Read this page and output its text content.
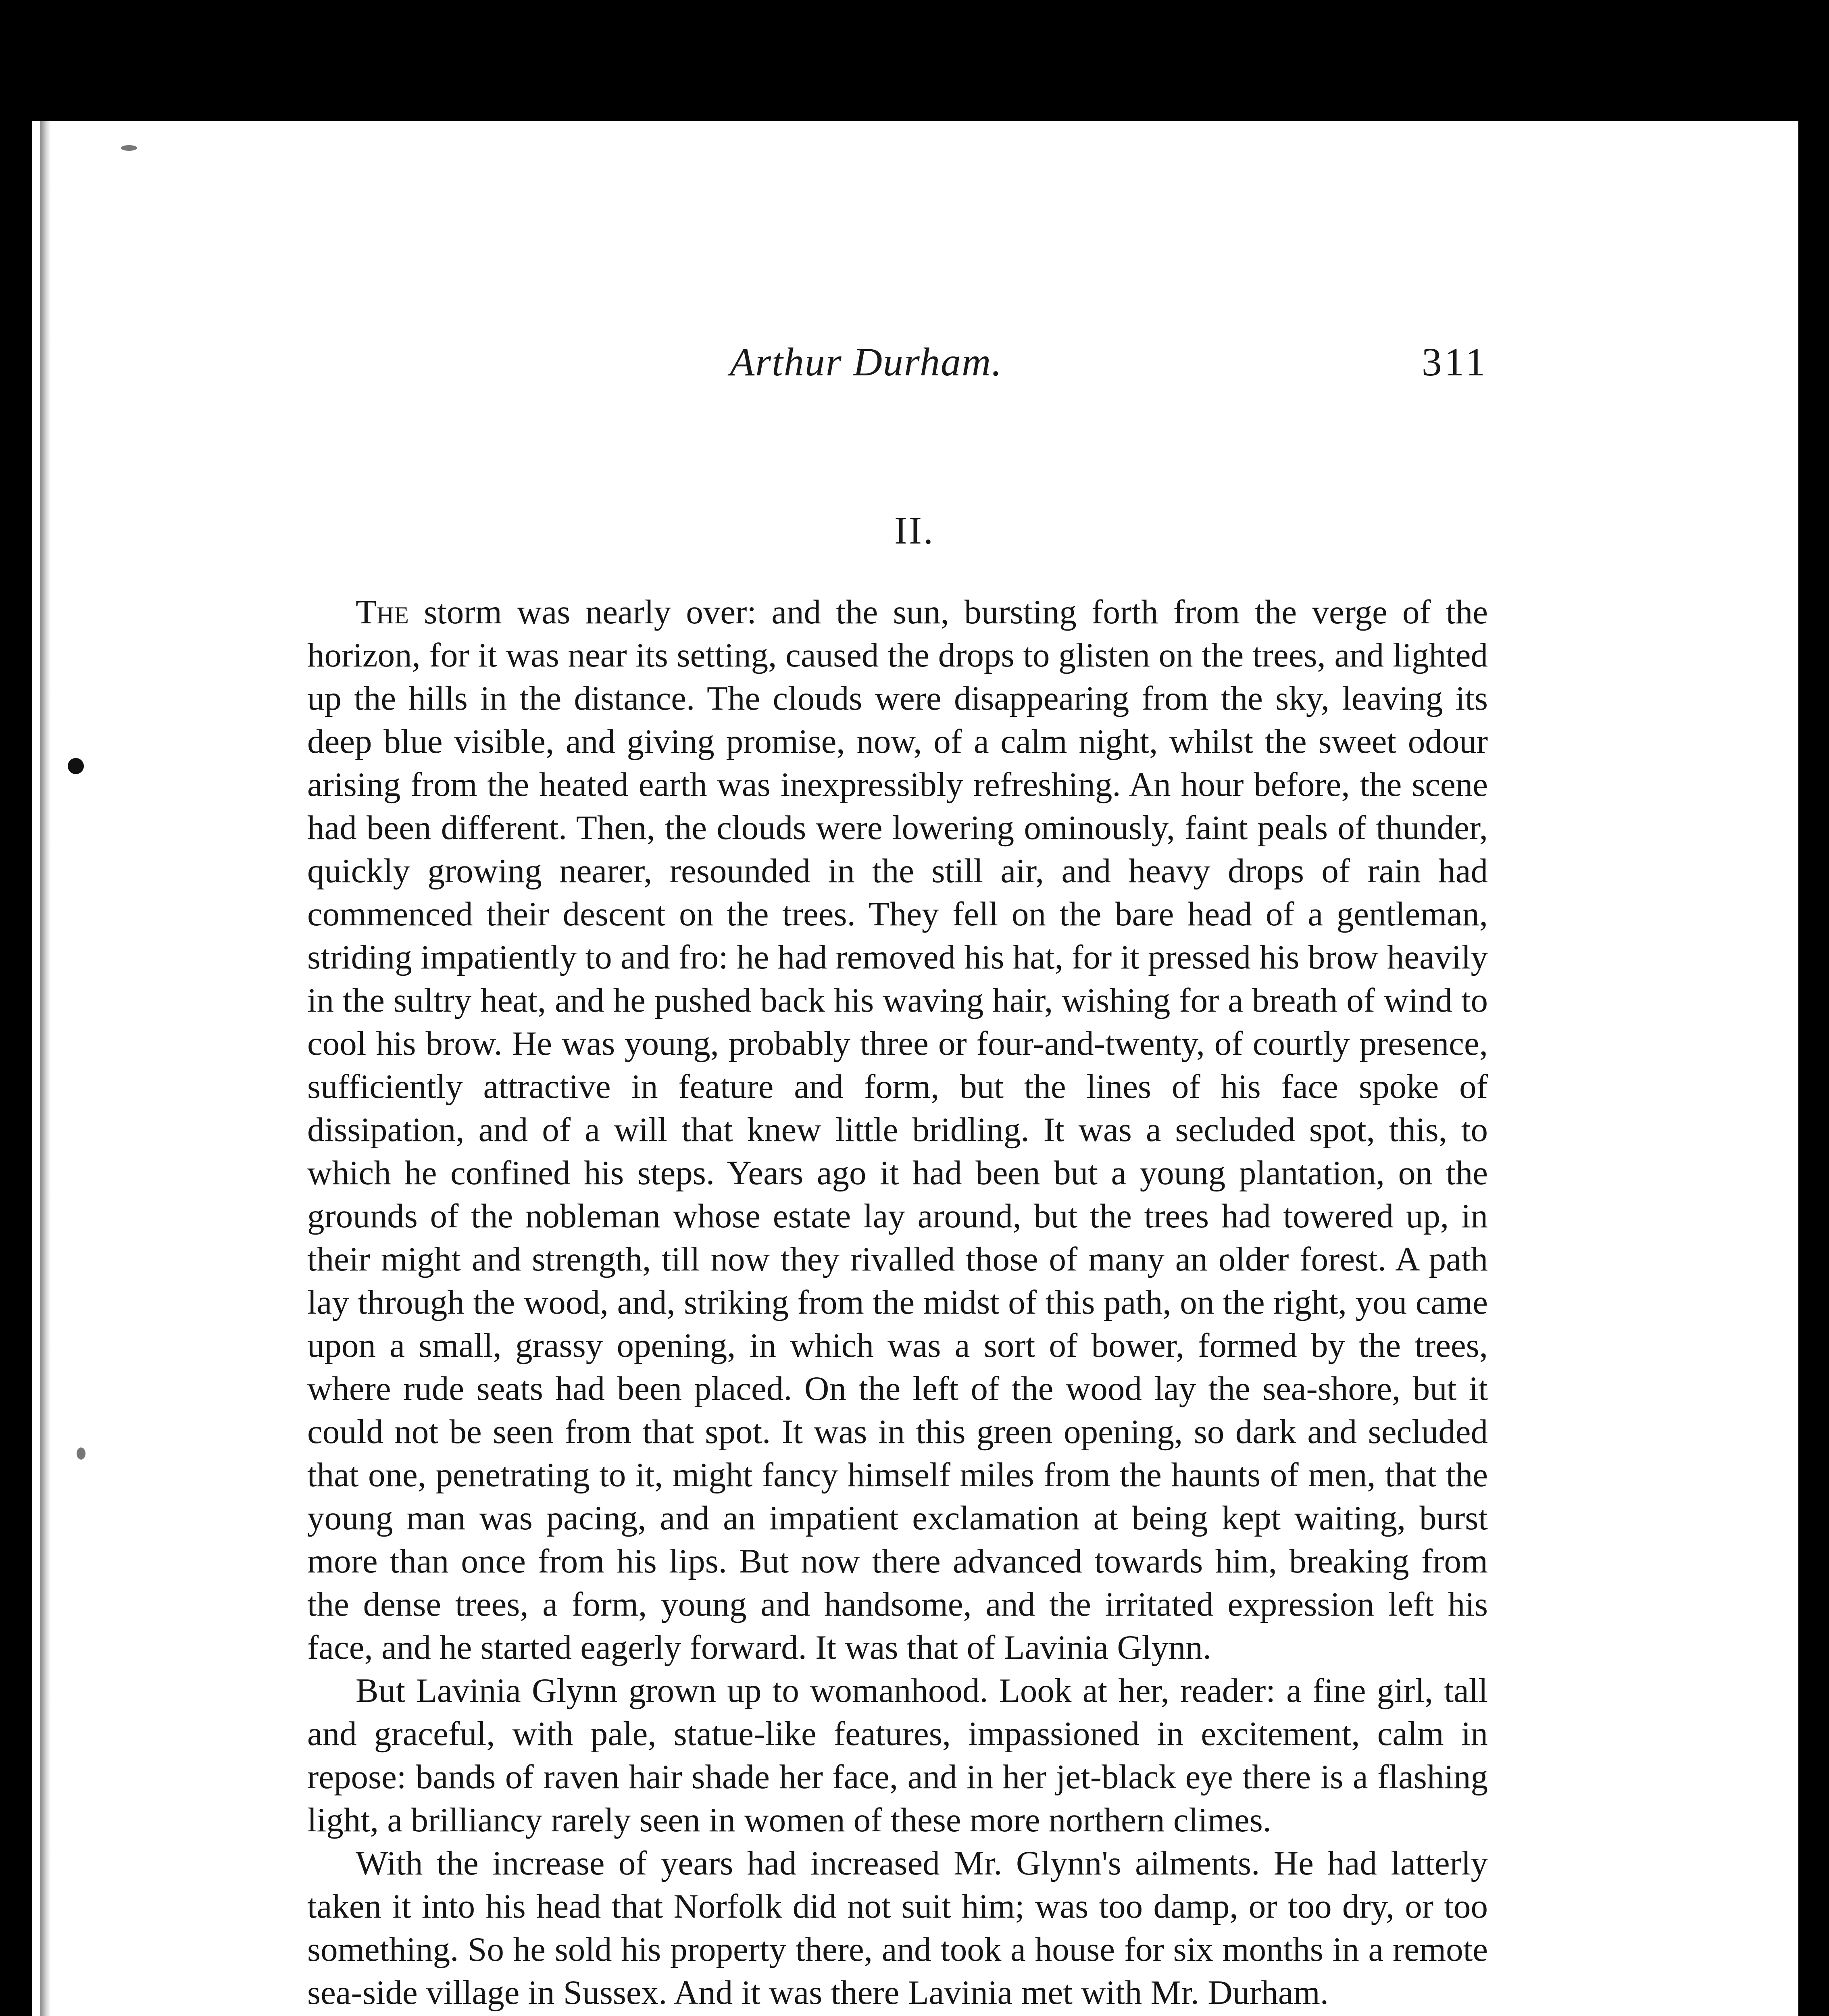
Arthur Durham.	311
II.

The storm was nearly over: and the sun, bursting forth from the verge of the horizon, for it was near its setting, caused the drops to glisten on the trees, and lighted up the hills in the distance. The clouds were disappearing from the sky, leaving its deep blue visible, and giving promise, now, of a calm night, whilst the sweet odour arising from the heated earth was inexpressibly refreshing. An hour before, the scene had been different. Then, the clouds were lowering ominously, faint peals of thunder, quickly growing nearer, resounded in the still air, and heavy drops of rain had commenced their descent on the trees. They fell on the bare head of a gentleman, striding impatiently to and fro: he had removed his hat, for it pressed his brow heavily in the sultry heat, and he pushed back his waving hair, wishing for a breath of wind to cool his brow. He was young, probably three or four-and-twenty, of courtly presence, sufficiently attractive in feature and form, but the lines of his face spoke of dissipation, and of a will that knew little bridling. It was a secluded spot, this, to which he confined his steps. Years ago it had been but a young plantation, on the grounds of the nobleman whose estate lay around, but the trees had towered up, in their might and strength, till now they rivalled those of many an older forest. A path lay through the wood, and, striking from the midst of this path, on the right, you came upon a small, grassy opening, in which was a sort of bower, formed by the trees, where rude seats had been placed. On the left of the wood lay the sea-shore, but it could not be seen from that spot. It was in this green opening, so dark and secluded that one, penetrating to it, might fancy himself miles from the haunts of men, that the young man was pacing, and an impatient exclamation at being kept waiting, burst more than once from his lips. But now there advanced towards him, breaking from the dense trees, a form, young and handsome, and the irritated expression left his face, and he started eagerly forward. It was that of Lavinia Glynn.

But Lavinia Glynn grown up to womanhood. Look at her, reader: a fine girl, tall and graceful, with pale, statue-like features, impassioned in excitement, calm in repose: bands of raven hair shade her face, and in her jet-black eye there is a flashing light, a brilliancy rarely seen in women of these more northern climes.

With the increase of years had increased Mr. Glynn's ailments. He had latterly taken it into his head that Norfolk did not suit him; was too damp, or too dry, or too something. So he sold his property there, and took a house for six months in a remote sea-side village in Sussex. And it was there Lavinia met with Mr. Durham.
